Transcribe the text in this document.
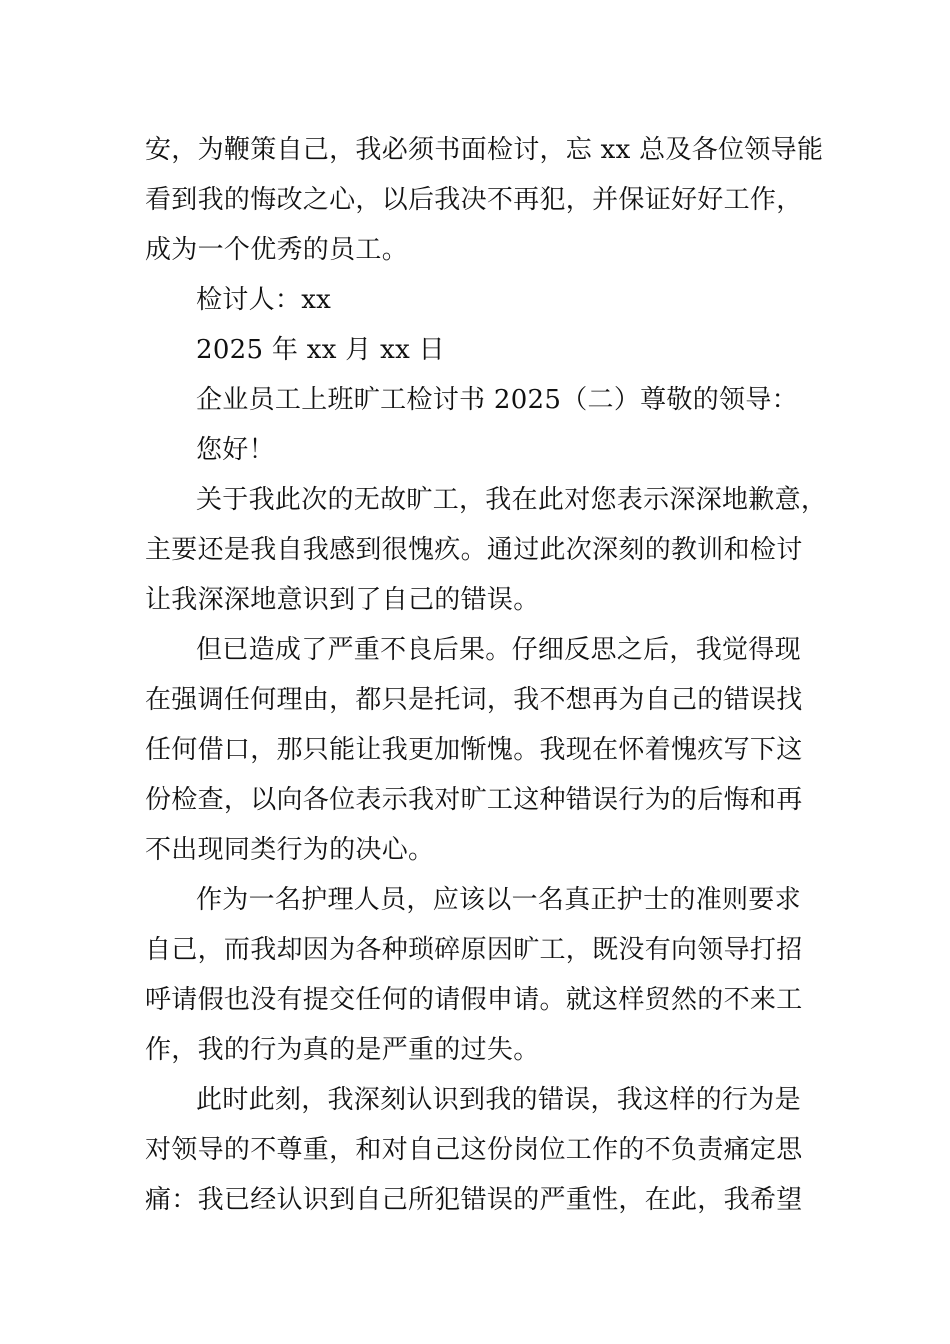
安，为鞭策自己，我必须书面检讨，忘 xx 总及各位领导能
看到我的悔改之心，以后我决不再犯，并保证好好工作，
成为一个优秀的员工。
检讨人：xx
2025 年 xx 月 xx 日
企业员工上班旷工检讨书 2025（二）尊敬的领导：
您好！
关于我此次的无故旷工，我在此对您表示深深地歉意，
主要还是我自我感到很愧疚。通过此次深刻的教训和检讨
让我深深地意识到了自己的错误。
但已造成了严重不良后果。仔细反思之后，我觉得现
在强调任何理由，都只是托词，我不想再为自己的错误找
任何借口，那只能让我更加惭愧。我现在怀着愧疚写下这
份检查，以向各位表示我对旷工这种错误行为的后悔和再
不出现同类行为的决心。
作为一名护理人员，应该以一名真正护士的准则要求
自己，而我却因为各种琐碎原因旷工，既没有向领导打招
呼请假也没有提交任何的请假申请。就这样贸然的不来工
作，我的行为真的是严重的过失。
此时此刻，我深刻认识到我的错误，我这样的行为是
对领导的不尊重，和对自己这份岗位工作的不负责痛定思
痛：我已经认识到自己所犯错误的严重性，在此，我希望
